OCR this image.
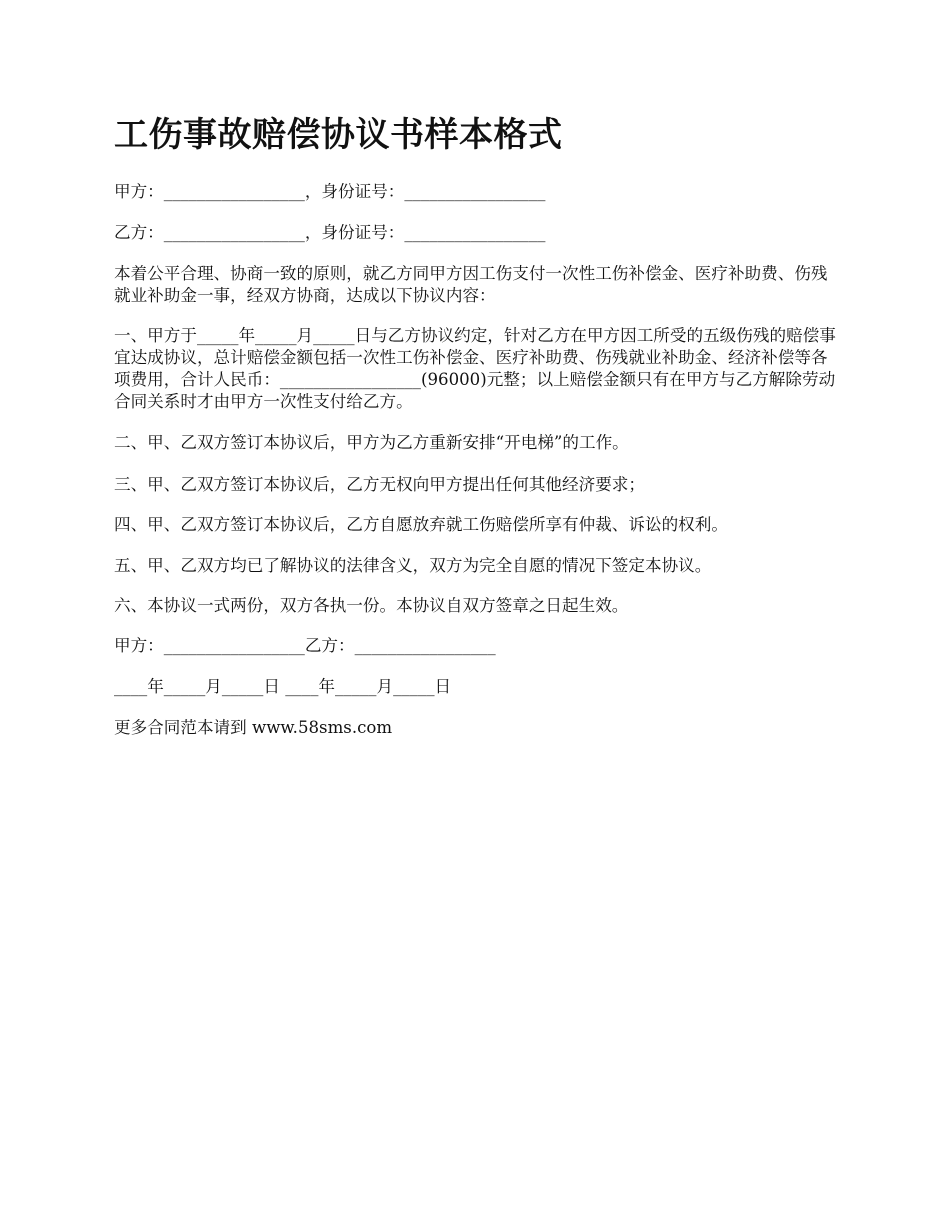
工伤事故赔偿协议书样本格式

甲方：_________________，身份证号：_________________

乙方：_________________，身份证号：_________________

本着公平合理、协商一致的原则，就乙方同甲方因工伤支付一次性工伤补偿金、医疗补助费、伤残就业补助金一事，经双方协商，达成以下协议内容：

一、甲方于_____年_____月_____日与乙方协议约定，针对乙方在甲方因工所受的五级伤残的赔偿事宜达成协议，总计赔偿金额包括一次性工伤补偿金、医疗补助费、伤残就业补助金、经济补偿等各项费用，合计人民币：_________________(96000)元整；以上赔偿金额只有在甲方与乙方解除劳动合同关系时才由甲方一次性支付给乙方。

二、甲、乙双方签订本协议后，甲方为乙方重新安排“开电梯”的工作。

三、甲、乙双方签订本协议后，乙方无权向甲方提出任何其他经济要求；

四、甲、乙双方签订本协议后，乙方自愿放弃就工伤赔偿所享有仲裁、诉讼的权利。

五、甲、乙双方均已了解协议的法律含义，双方为完全自愿的情况下签定本协议。

六、本协议一式两份，双方各执一份。本协议自双方签章之日起生效。

甲方：_________________乙方：_________________

____年_____月_____日 ____年_____月_____日

更多合同范本请到 www.58sms.com
